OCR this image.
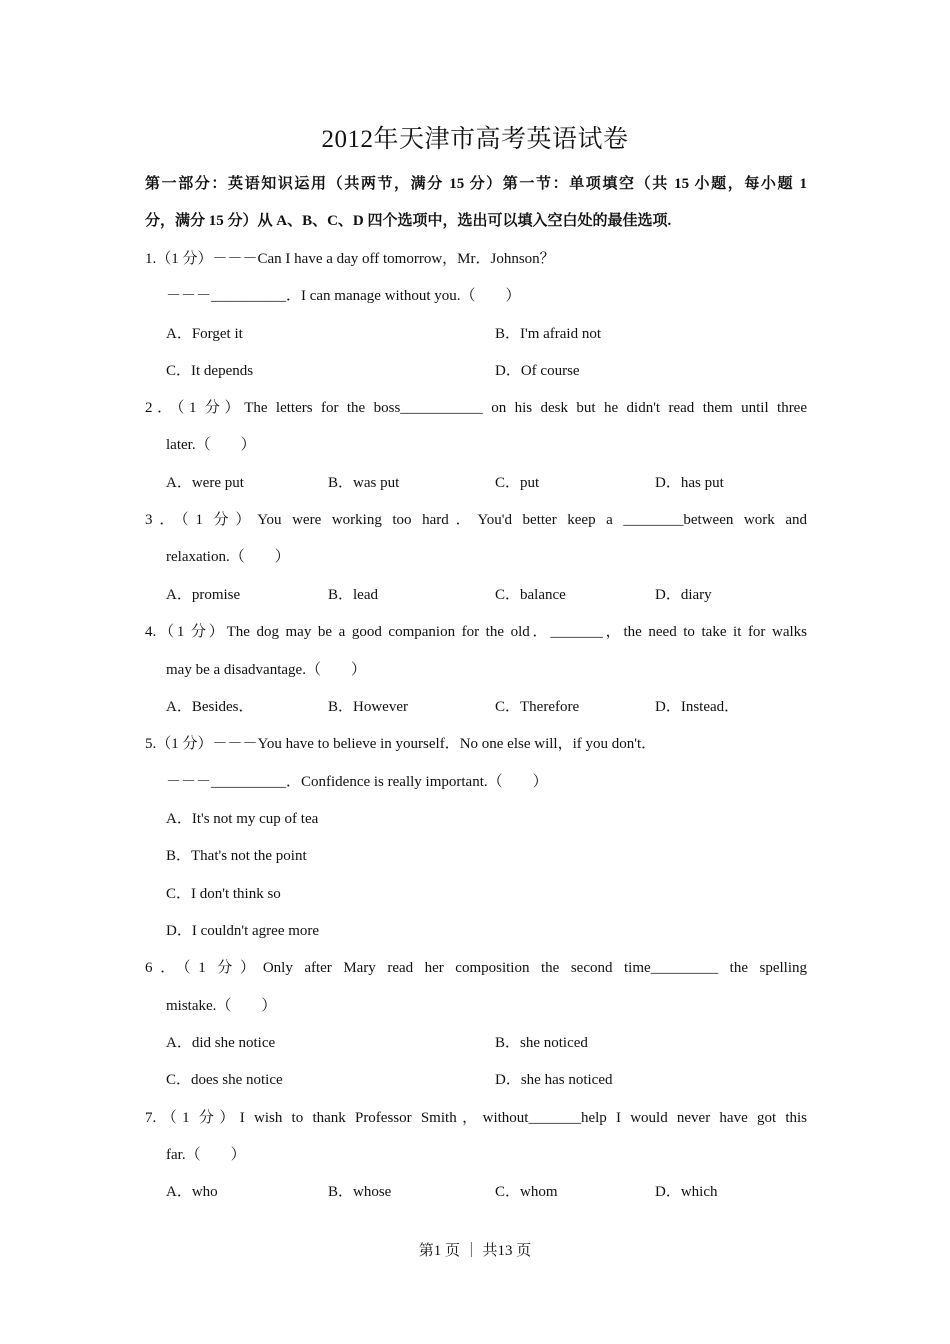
2012年天津市高考英语试卷
第一部分：英语知识运用（共两节，满分 15 分）第一节：单项填空（共 15 小题，每小题 1
分，满分 15 分）从 A、B、C、D 四个选项中，选出可以填入空白处的最佳选项.
1.（1 分）－－－Can I have a day off tomorrow，Mr．Johnson？
－－－__________．I can manage without you.（　　）
A．Forget it	B．I'm afraid not
C．It depends	D．Of course
2．（1 分）The letters for the boss___________ on his desk but he didn't read them until three
later.（　　）
A．were put	B．was put	C．put	D．has put
3．（1 分）You were working too hard．You'd better keep a ________between work and
relaxation.（　　）
A．promise	B．lead	C．balance	D．diary
4.（1 分）The dog may be a good companion for the old．_______，the need to take it for walks
may be a disadvantage.（　　）
A．Besides．	B．However	C．Therefore	D．Instead．
5.（1 分）－－－You have to believe in yourself．No one else will，if you don't．
－－－__________．Confidence is really important.（　　）
A．It's not my cup of tea
B．That's not the point
C．I don't think so
D．I couldn't agree more
6．（1 分）Only after Mary read her composition the second time_________ the spelling
mistake.（　　）
A．did she notice	B．she noticed
C．does she notice	D．she has noticed
7.（1 分）I wish to thank Professor Smith，without_______help I would never have got this
far.（　　）
A．who	B．whose	C．whom	D．which
第1 页 ｜ 共13 页
